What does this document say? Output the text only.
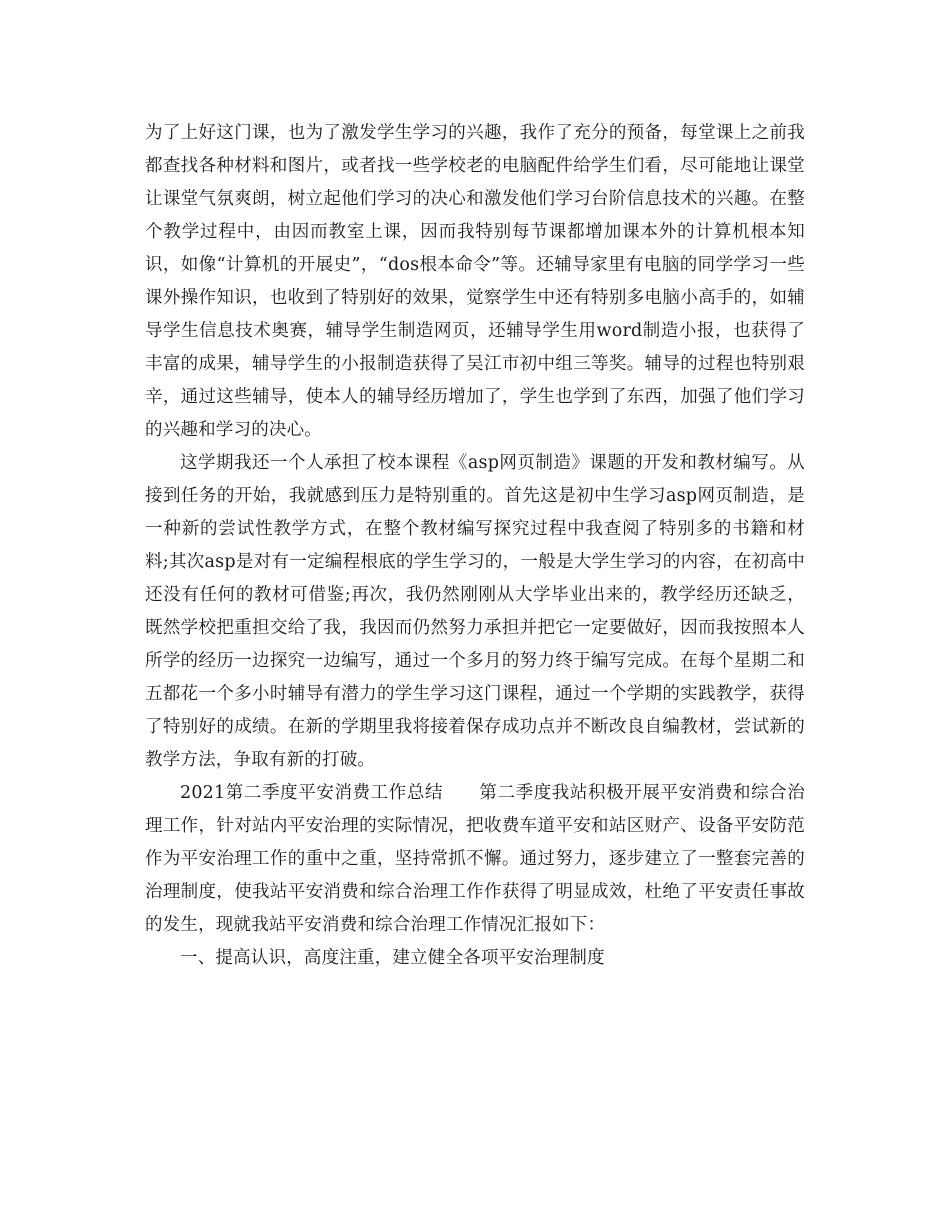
为了上好这门课，也为了激发学生学习的兴趣，我作了充分的预备，每堂课上之前我都查找各种材料和图片，或者找一些学校老的电脑配件给学生们看，尽可能地让课堂让课堂气氛爽朗，树立起他们学习的决心和激发他们学习台阶信息技术的兴趣。在整个教学过程中，由因而教室上课，因而我特别每节课都增加课本外的计算机根本知识，如像“计算机的开展史”，“dos根本命令”等。还辅导家里有电脑的同学学习一些课外操作知识，也收到了特别好的效果，觉察学生中还有特别多电脑小高手的，如辅导学生信息技术奥赛，辅导学生制造网页，还辅导学生用word制造小报，也获得了丰富的成果，辅导学生的小报制造获得了吴江市初中组三等奖。辅导的过程也特别艰辛，通过这些辅导，使本人的辅导经历增加了，学生也学到了东西，加强了他们学习的兴趣和学习的决心。

这学期我还一个人承担了校本课程《asp网页制造》课题的开发和教材编写。从接到任务的开始，我就感到压力是特别重的。首先这是初中生学习asp网页制造，是一种新的尝试性教学方式，在整个教材编写探究过程中我查阅了特别多的书籍和材料;其次asp是对有一定编程根底的学生学习的，一般是大学生学习的内容，在初高中还没有任何的教材可借鉴;再次，我仍然刚刚从大学毕业出来的，教学经历还缺乏，既然学校把重担交给了我，我因而仍然努力承担并把它一定要做好，因而我按照本人所学的经历一边探究一边编写，通过一个多月的努力终于编写完成。在每个星期二和五都花一个多小时辅导有潜力的学生学习这门课程，通过一个学期的实践教学，获得了特别好的成绩。在新的学期里我将接着保存成功点并不断改良自编教材，尝试新的教学方法，争取有新的打破。

2021第二季度平安消费工作总结　　第二季度我站积极开展平安消费和综合治理工作，针对站内平安治理的实际情况，把收费车道平安和站区财产、设备平安防范作为平安治理工作的重中之重，坚持常抓不懈。通过努力，逐步建立了一整套完善的治理制度，使我站平安消费和综合治理工作作获得了明显成效，杜绝了平安责任事故的发生，现就我站平安消费和综合治理工作情况汇报如下：

一、提高认识，高度注重，建立健全各项平安治理制度
